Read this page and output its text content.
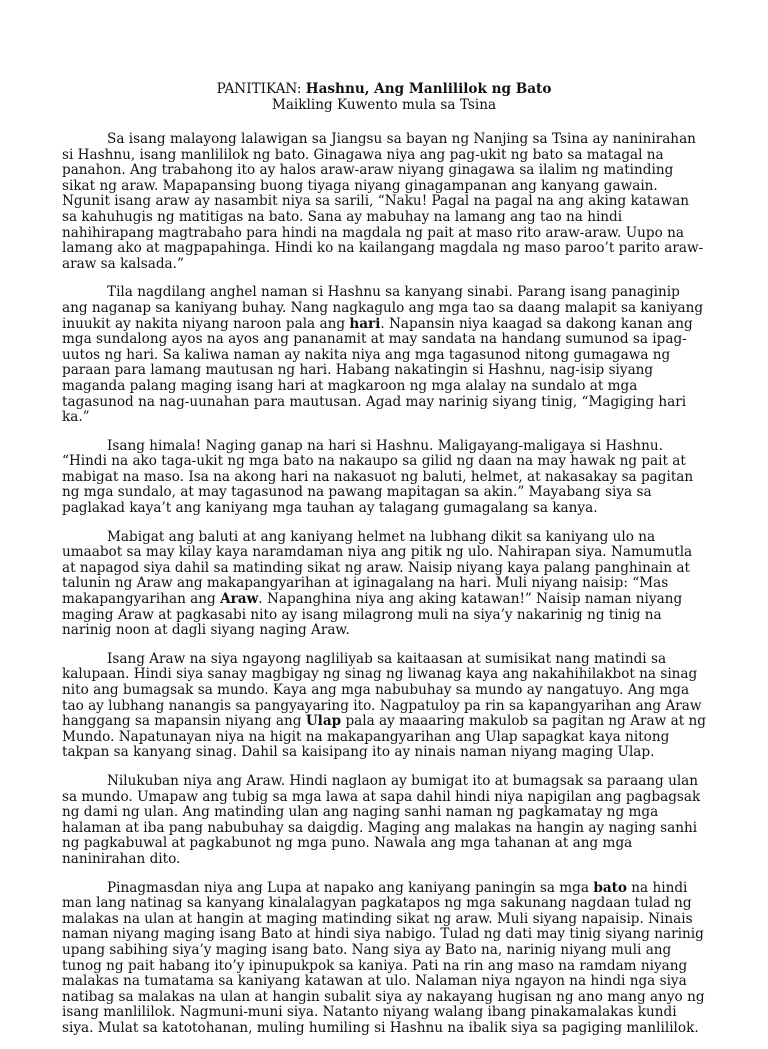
PANITIKAN: Hashnu, Ang Manlililok ng Bato

Maikling Kuwento mula sa Tsina

Sa isang malayong lalawigan sa Jiangsu sa bayan ng Nanjing sa Tsina ay naninirahan si Hashnu, isang manlililok ng bato. Ginagawa niya ang pag-ukit ng bato sa matagal na panahon. Ang trabahong ito ay halos araw-araw niyang ginagawa sa ilalim ng matinding sikat ng araw. Mapapansing buong tiyaga niyang ginagampanan ang kanyang gawain. Ngunit isang araw ay nasambit niya sa sarili, “Naku! Pagal na pagal na ang aking katawan sa kahuhugis ng matitigas na bato. Sana ay mabuhay na lamang ang tao na hindi nahihirapang magtrabaho para hindi na magdala ng pait at maso rito araw-araw. Uupo na lamang ako at magpapahinga. Hindi ko na kailangang magdala ng maso paroo’t parito araw-araw sa kalsada.”

Tila nagdilang anghel naman si Hashnu sa kanyang sinabi. Parang isang panaginip ang naganap sa kaniyang buhay. Nang nagkagulo ang mga tao sa daang malapit sa kaniyang inuukit ay nakita niyang naroon pala ang hari. Napansin niya kaagad sa dakong kanan ang mga sundalong ayos na ayos ang pananamit at may sandata na handang sumunod sa ipag-uutos ng hari. Sa kaliwa naman ay nakita niya ang mga tagasunod nitong gumagawa ng paraan para lamang mautusan ng hari. Habang nakatingin si Hashnu, nag-isip siyang maganda palang maging isang hari at magkaroon ng mga alalay na sundalo at mga tagasunod na nag-uunahan para mautusan. Agad may narinig siyang tinig, “Magiging hari ka.”

Isang himala! Naging ganap na hari si Hashnu. Maligayang-maligaya si Hashnu. “Hindi na ako taga-ukit ng mga bato na nakaupo sa gilid ng daan na may hawak ng pait at mabigat na maso. Isa na akong hari na nakasuot ng baluti, helmet, at nakasakay sa pagitan ng mga sundalo, at may tagasunod na pawang mapitagan sa akin.” Mayabang siya sa paglakad kaya’t ang kaniyang mga tauhan ay talagang gumagalang sa kanya.

Mabigat ang baluti at ang kaniyang helmet na lubhang dikit sa kaniyang ulo na umaabot sa may kilay kaya naramdaman niya ang pitik ng ulo. Nahirapan siya. Namumutla at napagod siya dahil sa matinding sikat ng araw. Naisip niyang kaya palang panghinain at talunin ng Araw ang makapangyarihan at iginagalang na hari. Muli niyang naisip: “Mas makapangyarihan ang Araw. Napanghina niya ang aking katawan!” Naisip naman niyang maging Araw at pagkasabi nito ay isang milagrong muli na siya’y nakarinig ng tinig na narinig noon at dagli siyang naging Araw.

Isang Araw na siya ngayong nagliliyab sa kaitaasan at sumisikat nang matindi sa kalupaan. Hindi siya sanay magbigay ng sinag ng liwanag kaya ang nakahihilakbot na sinag nito ang bumagsak sa mundo. Kaya ang mga nabubuhay sa mundo ay nangatuyo. Ang mga tao ay lubhang nanangis sa pangyayaring ito. Nagpatuloy pa rin sa kapangyarihan ang Araw hanggang sa mapansin niyang ang Ulap pala ay maaaring makulob sa pagitan ng Araw at ng Mundo. Napatunayan niya na higit na makapangyarihan ang Ulap sapagkat kaya nitong takpan sa kanyang sinag. Dahil sa kaisipang ito ay ninais naman niyang maging Ulap.

Nilukuban niya ang Araw. Hindi naglaon ay bumigat ito at bumagsak sa paraang ulan sa mundo. Umapaw ang tubig sa mga lawa at sapa dahil hindi niya napigilan ang pagbagsak ng dami ng ulan. Ang matinding ulan ang naging sanhi naman ng pagkamatay ng mga halaman at iba pang nabubuhay sa daigdig. Maging ang malakas na hangin ay naging sanhi ng pagkabuwal at pagkabunot ng mga puno. Nawala ang mga tahanan at ang mga naninirahan dito.

Pinagmasdan niya ang Lupa at napako ang kaniyang paningin sa mga bato na hindi man lang natinag sa kanyang kinalalagyan pagkatapos ng mga sakunang nagdaan tulad ng malakas na ulan at hangin at maging matinding sikat ng araw. Muli siyang napaisip. Ninais naman niyang maging isang Bato at hindi siya nabigo. Tulad ng dati may tinig siyang narinig upang sabihing siya’y maging isang bato. Nang siya ay Bato na, narinig niyang muli ang tunog ng pait habang ito’y ipinupukpok sa kaniya. Pati na rin ang maso na ramdam niyang malakas na tumatama sa kaniyang katawan at ulo. Nalaman niya ngayon na hindi nga siya natibag sa malakas na ulan at hangin subalit siya ay nakayang hugisan ng ano mang anyo ng isang manlililok. Nagmuni-muni siya. Natanto niyang walang ibang pinakamalakas kundi siya. Mulat sa katotohanan, muling humiling si Hashnu na ibalik siya sa pagiging manlililok.
